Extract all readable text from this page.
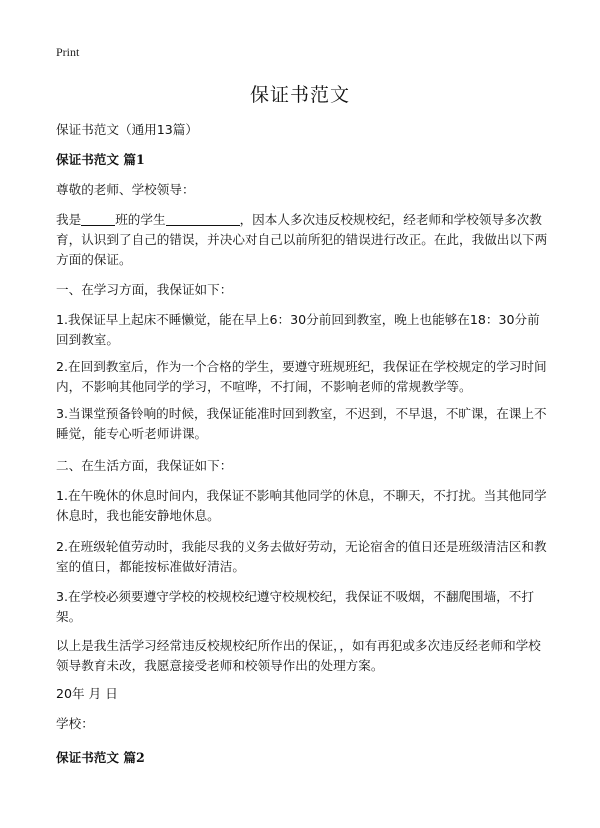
Print
保证书范文

保证书范文（通用13篇）

保证书范文 篇1

尊敬的老师、学校领导：

我是	班的学生	，因本人多次违反校规校纪，经老师和学校领导多次教育，认识到了自己的错误，并决心对自己以前所犯的错误进行改正。在此，我做出以下两方面的保证。

一、在学习方面，我保证如下：

1.我保证早上起床不睡懒觉，能在早上6：30分前回到教室，晚上也能够在18：30分前回到教室。

2.在回到教室后，作为一个合格的学生，要遵守班规班纪，我保证在学校规定的学习时间内，不影响其他同学的学习，不喧哗，不打闹，不影响老师的常规教学等。

3.当课堂预备铃响的时候，我保证能准时回到教室，不迟到，不早退，不旷课，在课上不睡觉，能专心听老师讲课。

二、在生活方面，我保证如下：

1.在午晚休的休息时间内，我保证不影响其他同学的休息，不聊天，不打扰。当其他同学休息时，我也能安静地休息。

2.在班级轮值劳动时，我能尽我的义务去做好劳动，无论宿舍的值日还是班级清洁区和教室的值日，都能按标准做好清洁。

3.在学校必须要遵守学校的校规校纪遵守校规校纪，我保证不吸烟，不翻爬围墙，不打架。

以上是我生活学习经常违反校规校纪所作出的保证，，如有再犯或多次违反经老师和学校领导教育未改，我愿意接受老师和校领导作出的处理方案。

20年 月 日

学校：

保证书范文 篇2
